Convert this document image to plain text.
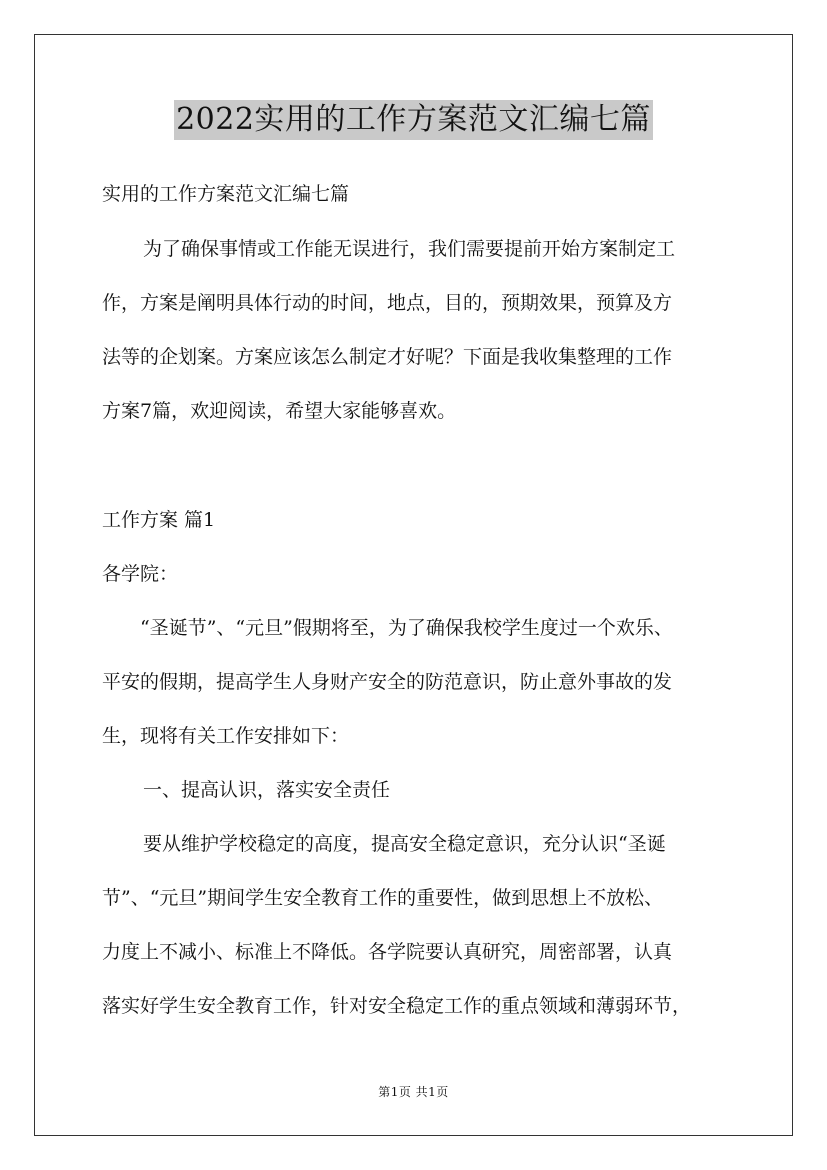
2022实用的工作方案范文汇编七篇
实用的工作方案范文汇编七篇
为了确保事情或工作能无误进行，我们需要提前开始方案制定工
作，方案是阐明具体行动的时间，地点，目的，预期效果，预算及方
法等的企划案。方案应该怎么制定才好呢？下面是我收集整理的工作
方案7篇，欢迎阅读，希望大家能够喜欢。
工作方案 篇1
各学院：
“圣诞节”、“元旦”假期将至，为了确保我校学生度过一个欢乐、
平安的假期，提高学生人身财产安全的防范意识，防止意外事故的发
生，现将有关工作安排如下：
一、提高认识，落实安全责任
要从维护学校稳定的高度，提高安全稳定意识，充分认识“圣诞
节”、“元旦”期间学生安全教育工作的重要性，做到思想上不放松、
力度上不减小、标准上不降低。各学院要认真研究，周密部署，认真
落实好学生安全教育工作，针对安全稳定工作的重点领域和薄弱环节，
第1页 共1页
